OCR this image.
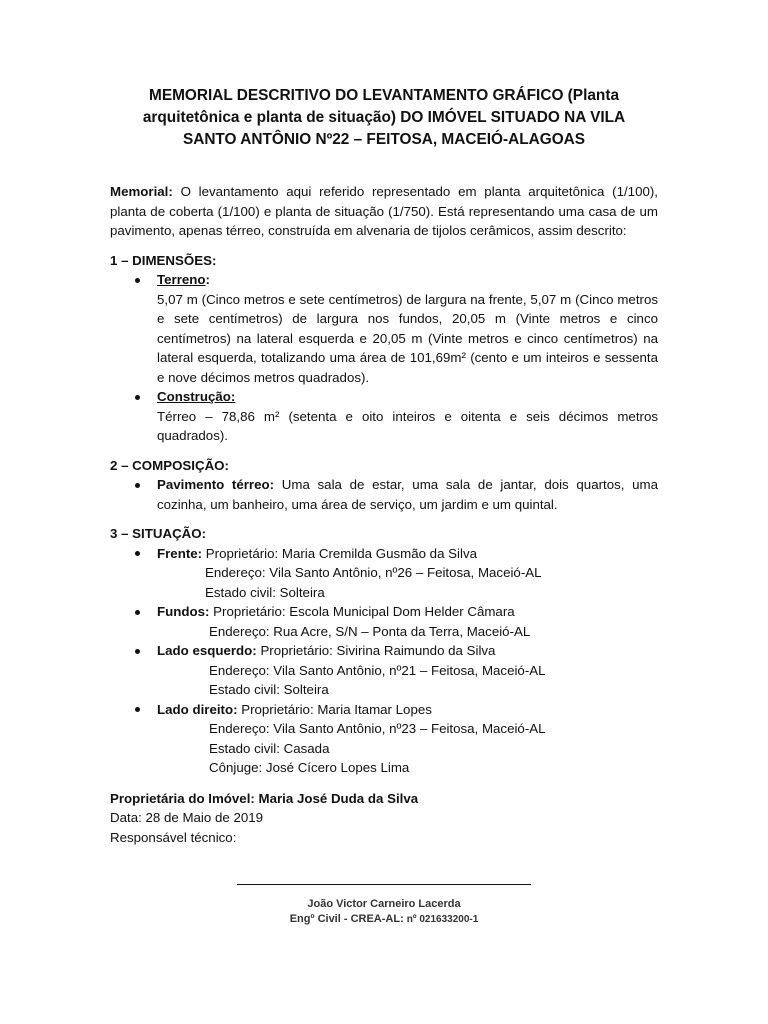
MEMORIAL DESCRITIVO DO LEVANTAMENTO GRÁFICO (Planta arquitetônica e planta de situação) DO IMÓVEL SITUADO NA VILA SANTO ANTÔNIO Nº22 – FEITOSA, MACEIÓ-ALAGOAS
Memorial: O levantamento aqui referido representado em planta arquitetônica (1/100), planta de coberta (1/100) e planta de situação (1/750). Está representando uma casa de um pavimento, apenas térreo, construída em alvenaria de tijolos cerâmicos, assim descrito:
1 – DIMENSÕES:
Terreno:
5,07 m (Cinco metros e sete centímetros) de largura na frente, 5,07 m (Cinco metros e sete centímetros) de largura nos fundos, 20,05 m (Vinte metros e cinco centímetros) na lateral esquerda e 20,05 m (Vinte metros e cinco centímetros) na lateral esquerda, totalizando uma área de 101,69m² (cento e um inteiros e sessenta e nove décimos metros quadrados).
Construção:
Térreo – 78,86 m² (setenta e oito inteiros e oitenta e seis décimos metros quadrados).
2 – COMPOSIÇÃO:
Pavimento térreo: Uma sala de estar, uma sala de jantar, dois quartos, uma cozinha, um banheiro, uma área de serviço, um jardim e um quintal.
3 – SITUAÇÃO:
Frente: Proprietário: Maria Cremilda Gusmão da Silva
Endereço: Vila Santo Antônio, nº26 – Feitosa, Maceió-AL
Estado civil: Solteira
Fundos: Proprietário: Escola Municipal Dom Helder Câmara
Endereço: Rua Acre, S/N – Ponta da Terra, Maceió-AL
Lado esquerdo: Proprietário: Sivirina Raimundo da Silva
Endereço: Vila Santo Antônio, nº21 – Feitosa, Maceió-AL
Estado civil: Solteira
Lado direito: Proprietário: Maria Itamar Lopes
Endereço: Vila Santo Antônio, nº23 – Feitosa, Maceió-AL
Estado civil: Casada
Cônjuge: José Cícero Lopes Lima
Proprietária do Imóvel: Maria José Duda da Silva
Data: 28 de Maio de 2019
Responsável técnico:
João Victor Carneiro Lacerda
Engº Civil - CREA-AL: nº 021633200-1
